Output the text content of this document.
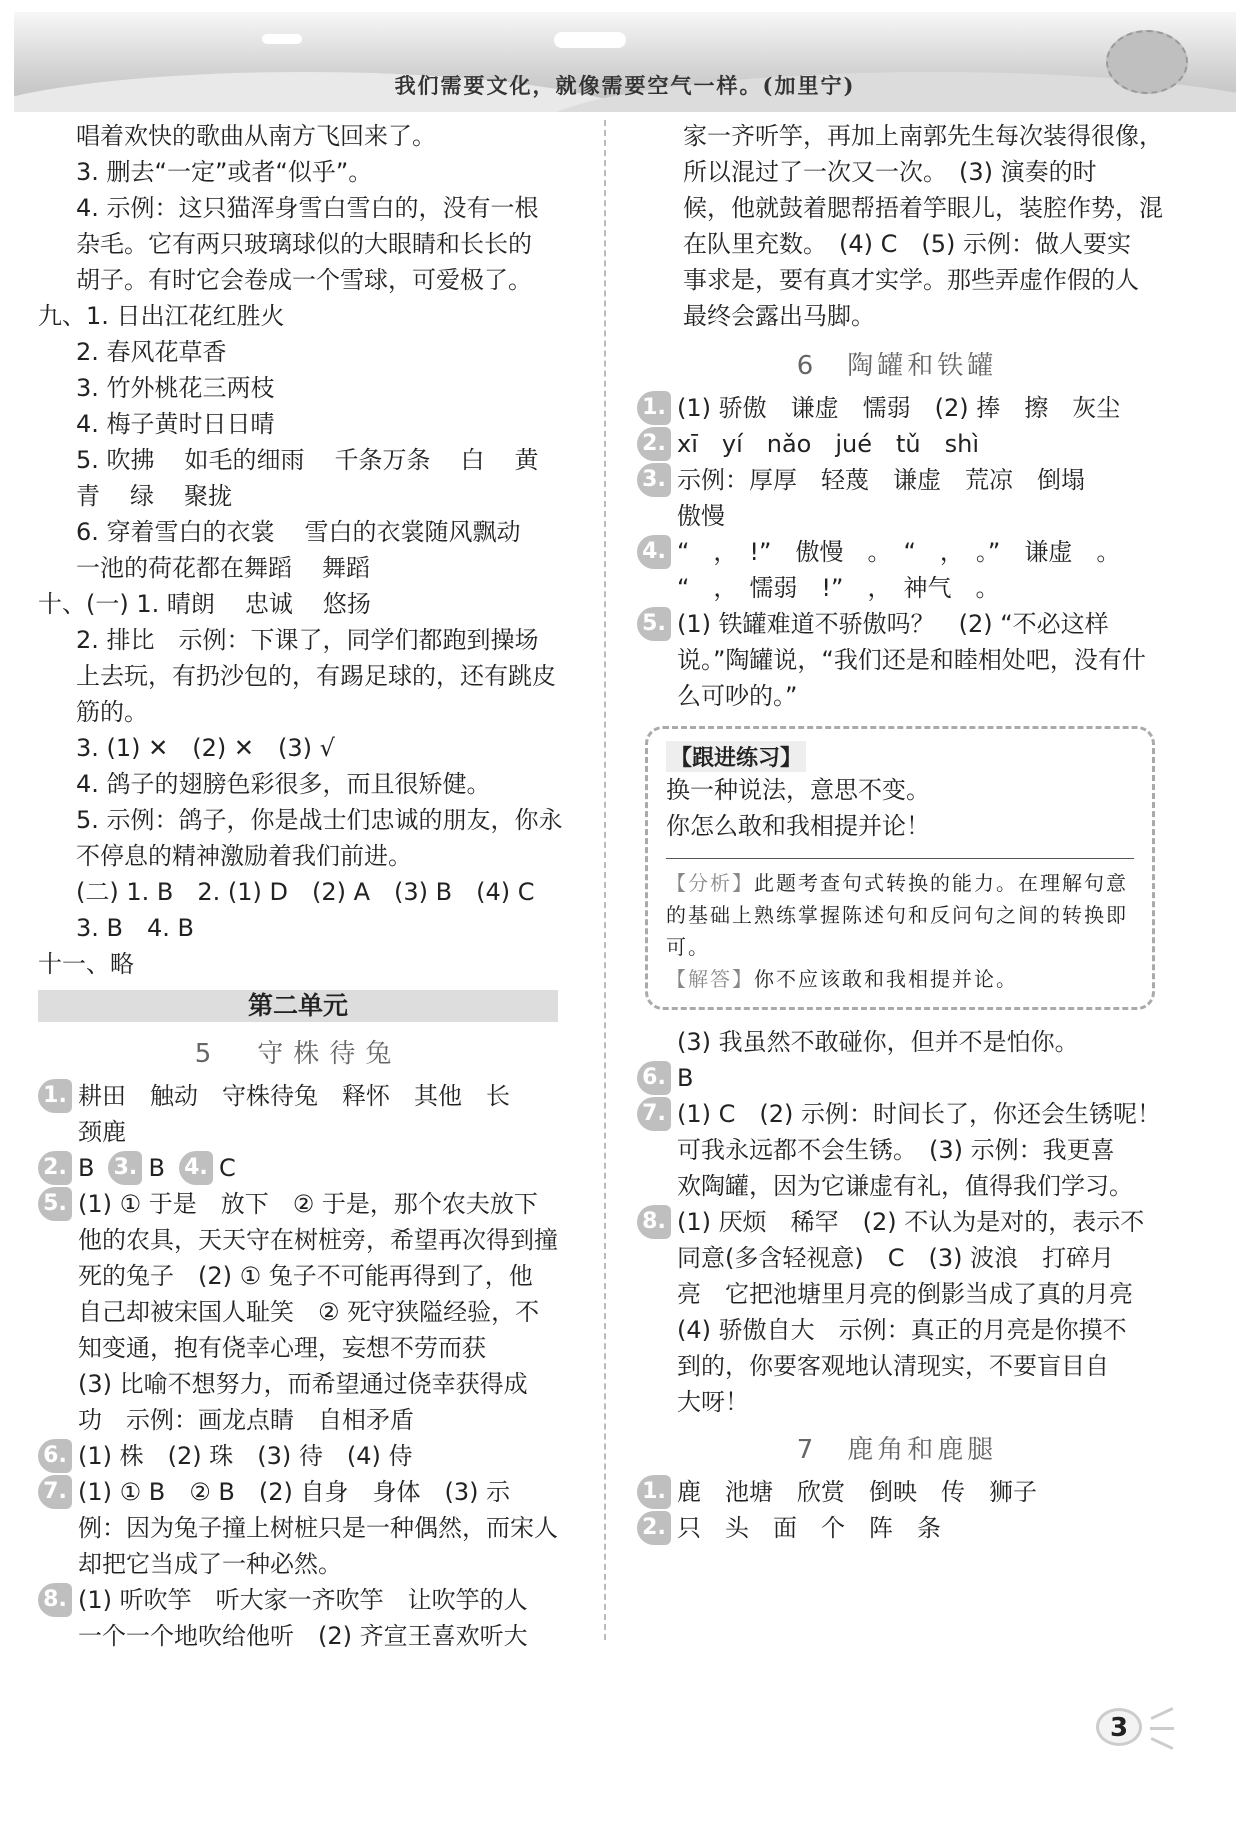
我们需要文化，就像需要空气一样。(加里宁)
唱着欢快的歌曲从南方飞回来了。
3. 删去“一定”或者“似乎”。
4. 示例：这只猫浑身雪白雪白的，没有一根
杂毛。它有两只玻璃球似的大眼睛和长长的
胡子。有时它会卷成一个雪球，可爱极了。
九、1. 日出江花红胜火
2. 春风花草香
3. 竹外桃花三两枝
4. 梅子黄时日日晴
5. 吹拂 如毛的细雨 千条万条 白 黄
青 绿 聚拢
6. 穿着雪白的衣裳 雪白的衣裳随风飘动
一池的荷花都在舞蹈 舞蹈
十、(一) 1. 晴朗 忠诚 悠扬
2. 排比　示例：下课了，同学们都跑到操场
上去玩，有扔沙包的，有踢足球的，还有跳皮
筋的。
3. (1) ✕　(2) ✕　(3) √
4. 鸽子的翅膀色彩很多，而且很矫健。
5. 示例：鸽子，你是战士们忠诚的朋友，你永
不停息的精神激励着我们前进。
(二) 1. B　2. (1) D　(2) A　(3) B　(4) C
3. B　4. B
十一、略
第二单元
5　守株待兔
1. 耕田　触动　守株待兔　释怀　其他　长
颈鹿
2. B 3. B 4. C
5. (1) ① 于是　放下　② 于是，那个农夫放下
他的农具，天天守在树桩旁，希望再次得到撞
死的兔子　(2) ① 兔子不可能再得到了，他
自己却被宋国人耻笑　② 死守狭隘经验，不
知变通，抱有侥幸心理，妄想不劳而获
(3) 比喻不想努力，而希望通过侥幸获得成
功　示例：画龙点睛　自相矛盾
6. (1) 株　(2) 珠　(3) 待　(4) 侍
7. (1) ① B　② B　(2) 自身　身体　(3) 示
例：因为兔子撞上树桩只是一种偶然，而宋人
却把它当成了一种必然。
8. (1) 听吹竽　听大家一齐吹竽　让吹竽的人
一个一个地吹给他听　(2) 齐宣王喜欢听大
家一齐听竽，再加上南郭先生每次装得很像，
所以混过了一次又一次。　(3) 演奏的时
候，他就鼓着腮帮捂着竽眼儿，装腔作势，混
在队里充数。　(4) C　(5) 示例：做人要实
事求是，要有真才实学。那些弄虚作假的人
最终会露出马脚。
6　陶罐和铁罐
1. (1) 骄傲　谦虚　懦弱　(2) 捧　擦　灰尘
2. xī　yí　nǎo　jué　tǔ　shì
3. 示例：厚厚　轻蔑　谦虚　荒凉　倒塌
傲慢
4. “　，　!”　傲慢　。　“　，　。”　谦虚　。
“　，　懦弱　!”　，　神气　。
5. (1) 铁罐难道不骄傲吗？　(2) “不必这样
说。”陶罐说，“我们还是和睦相处吧，没有什
么可吵的。”
【跟进练习】
换一种说法，意思不变。
你怎么敢和我相提并论！
【分析】此题考查句式转换的能力。在理解句意的基础上熟练掌握陈述句和反问句之间的转换即可。
【解答】你不应该敢和我相提并论。
(3) 我虽然不敢碰你，但并不是怕你。
6. B
7. (1) C　(2) 示例：时间长了，你还会生锈呢！
可我永远都不会生锈。　(3) 示例：我更喜
欢陶罐，因为它谦虚有礼，值得我们学习。
8. (1) 厌烦　稀罕　(2) 不认为是对的，表示不
同意(多含轻视意)　C　(3) 波浪　打碎月
亮　它把池塘里月亮的倒影当成了真的月亮
(4) 骄傲自大　示例：真正的月亮是你摸不
到的，你要客观地认清现实，不要盲目自
大呀！
7　鹿角和鹿腿
1. 鹿　池塘　欣赏　倒映　传　狮子
2. 只　头　面　个　阵　条
3
